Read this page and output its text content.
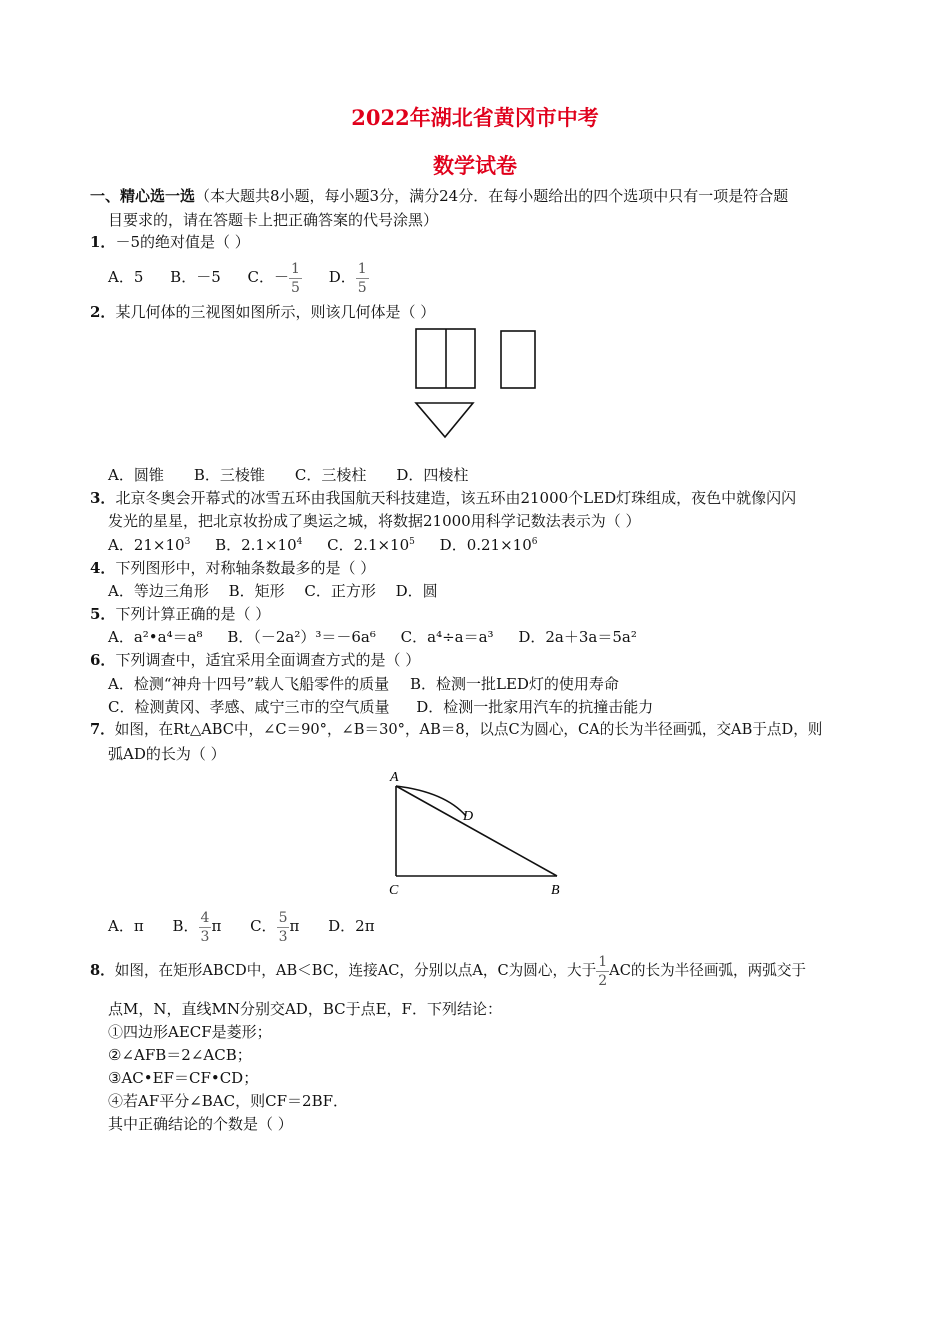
2022年湖北省黄冈市中考
数学试卷
一、精心选一选（本大题共8小题，每小题3分，满分24分．在每小题给出的四个选项中只有一项是符合题
目要求的，请在答题卡上把正确答案的代号涂黑）
1．－5的绝对值是（ ）
A．5 B．－5 C．－ $\frac{1}{5}$ D． $\frac{1}{5}$
2．某几何体的三视图如图所示，则该几何体是（ ）
A．圆锥　　B．三棱锥　　C．三棱柱　　D．四棱柱
3．北京冬奥会开幕式的冰雪五环由我国航天科技建造，该五环由21000个LED灯珠组成，夜色中就像闪闪
发光的星星，把北京妆扮成了奥运之城，将数据21000用科学记数法表示为（ ）
A．$21\times 10^3$ B．$2.1\times 10^4$ C．$2.1\times 10^5$ D．$0.21\times 10^6$
4．下列图形中，对称轴条数最多的是（ ）
A．等边三角形　 B．矩形　 C．正方形　 D．圆
5．下列计算正确的是（ ）
A．a²•a⁴＝a⁸ B．（－2a²）³＝－6a⁶ C．a⁴÷a＝a³ D．2a＋3a＝5a²
6．下列调查中，适宜采用全面调查方式的是（ ）
A．检测“神舟十四号”载人飞船零件的质量 B．检测一批LED灯的使用寿命
C．检测黄冈、孝感、咸宁三市的空气质量 D．检测一批家用汽车的抗撞击能力
7．如图，在Rt△ABC中，∠C＝90°，∠B＝30°，AB＝8，以点C为圆心，CA的长为半径画弧，交AB于点D，则
弧AD的长为（ ）
A
D
C	B
A．π B． $\frac{4}{3}$ π C． $\frac{5}{3}$ π D．2π
8．如图，在矩形ABCD中，AB＜BC，连接AC，分别以点A，C为圆心，大于 $\frac{1}{2}$ AC的长为半径画弧，两弧交于
点M，N，直线MN分别交AD，BC于点E，F．下列结论：
①四边形AECF是菱形；
②∠AFB＝2∠ACB；
③AC•EF＝CF•CD；
④若AF平分∠BAC，则CF＝2BF．
其中正确结论的个数是（ ）
